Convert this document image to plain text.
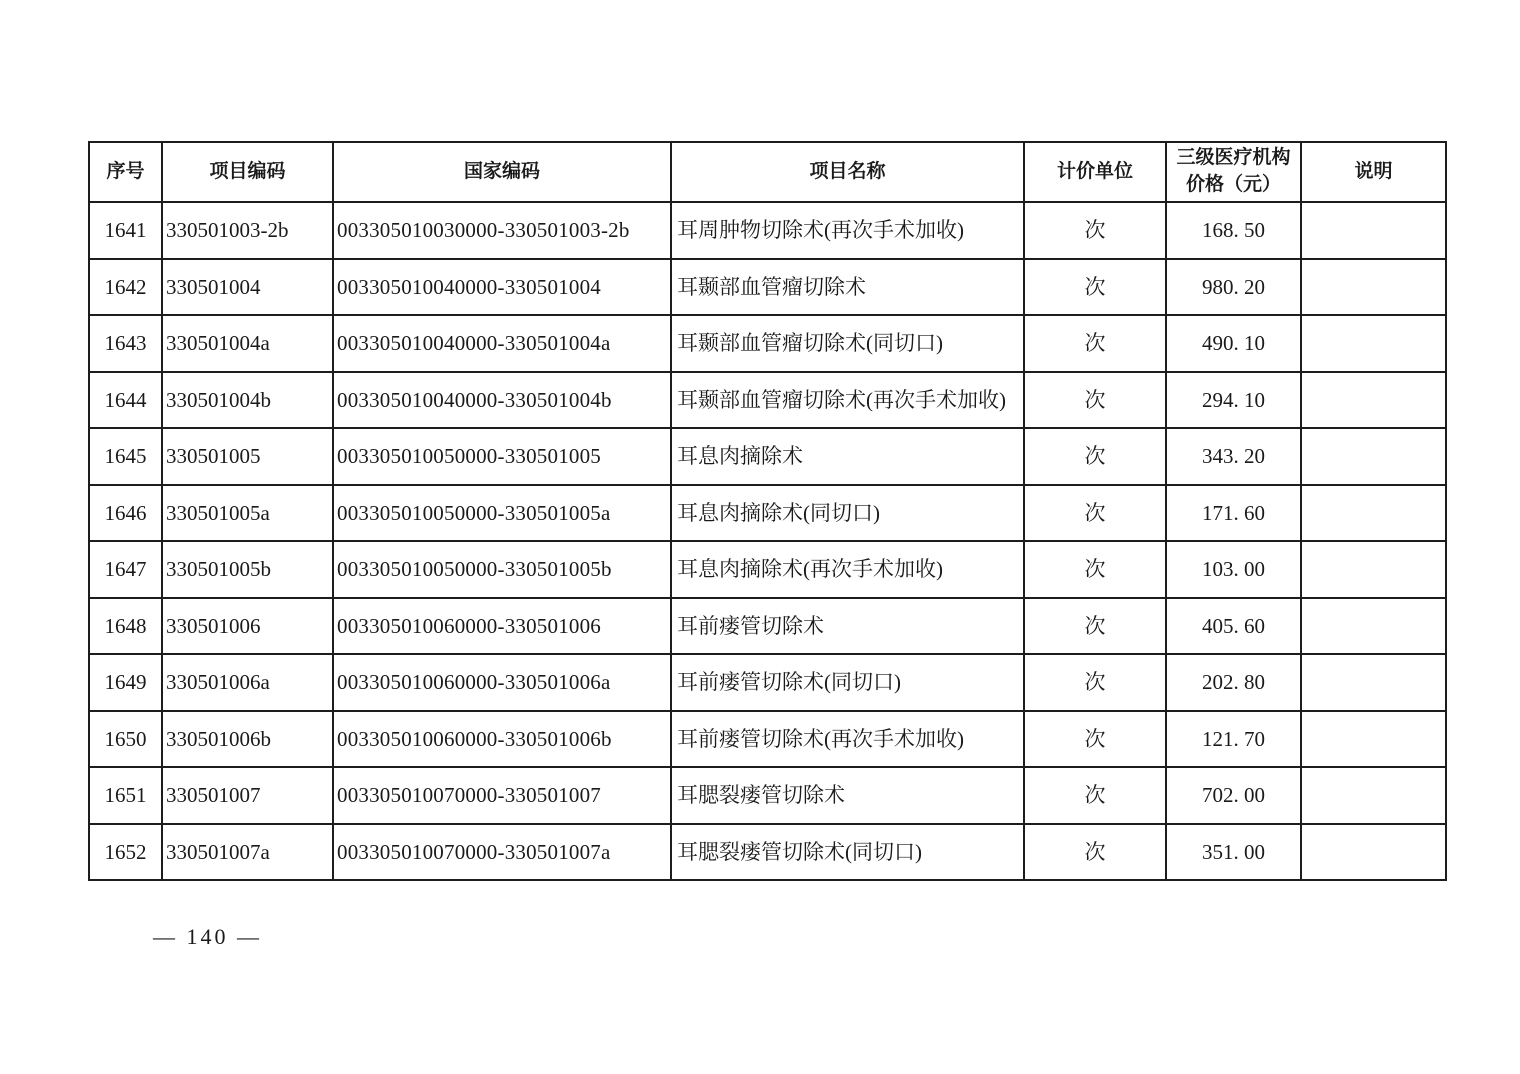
序号	项目编码	国家编码	项目名称	计价单位	三级医疗机构价格（元）	说明
1641	330501003-2b	003305010030000-330501003-2b	耳周肿物切除术(再次手术加收)	次	168. 50	
1642	330501004	003305010040000-330501004	耳颞部血管瘤切除术	次	980. 20	
1643	330501004a	003305010040000-330501004a	耳颞部血管瘤切除术(同切口)	次	490. 10	
1644	330501004b	003305010040000-330501004b	耳颞部血管瘤切除术(再次手术加收)	次	294. 10	
1645	330501005	003305010050000-330501005	耳息肉摘除术	次	343. 20	
1646	330501005a	003305010050000-330501005a	耳息肉摘除术(同切口)	次	171. 60	
1647	330501005b	003305010050000-330501005b	耳息肉摘除术(再次手术加收)	次	103. 00	
1648	330501006	003305010060000-330501006	耳前瘘管切除术	次	405. 60	
1649	330501006a	003305010060000-330501006a	耳前瘘管切除术(同切口)	次	202. 80	
1650	330501006b	003305010060000-330501006b	耳前瘘管切除术(再次手术加收)	次	121. 70	
1651	330501007	003305010070000-330501007	耳腮裂瘘管切除术	次	702. 00	
1652	330501007a	003305010070000-330501007a	耳腮裂瘘管切除术(同切口)	次	351. 00	
— 140 —
